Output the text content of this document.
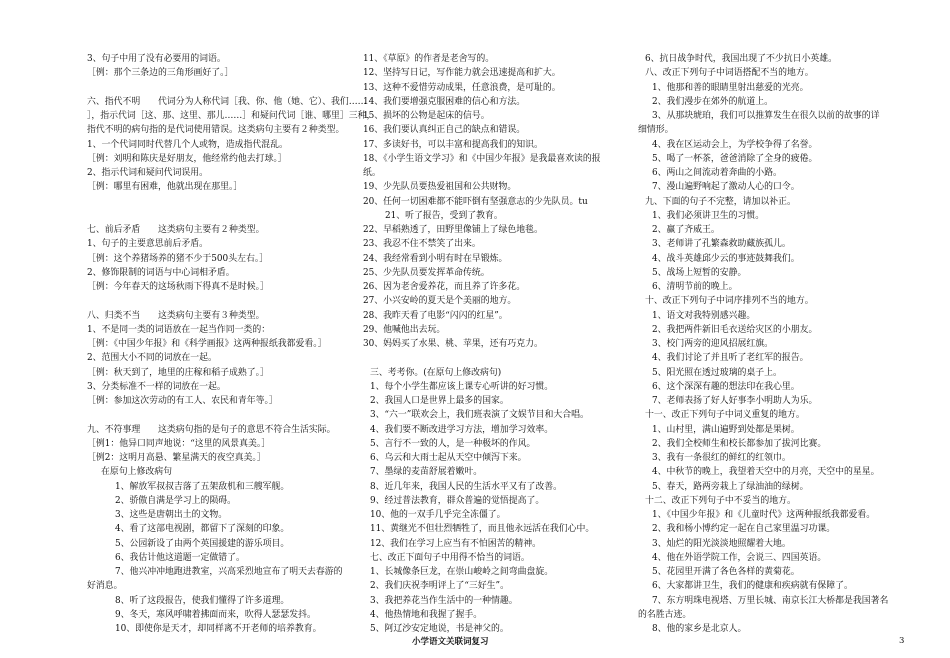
3、句子中用了没有必要用的词语。
［例：那个三条边的三角形画好了。］
六、指代不明　　代词分为人称代词［我、你、他（她、它）、我们……
］，指示代词［这、那、这里、那儿……］和疑问代词［谁、哪里］三种，
指代不明的病句指的是代词使用错误。这类病句主要有２种类型。
1、一个代词同时代替几个人或物，造成指代混乱。
［例：刘明和陈庆是好朋友，他经常约他去打球。］
2、指示代词和疑问代词误用。
［例：哪里有困难，他就出现在那里。］
七、前后矛盾　　这类病句主要有２种类型。
1、句子的主要意思前后矛盾。
［例：这个养猪场养的猪不少于500头左右。］
2、修饰限制的词语与中心词相矛盾。
［例：今年春天的这场秋雨下得真不是时候。］
八、归类不当　　这类病句主要有３种类型。
1、不是同一类的词语放在一起当作同一类的：
［例：《中国少年报》和《科学画报》这两种报纸我都爱看。］
2、范围大小不同的词放在一起。
［例：秋天到了，地里的庄稼和稻子成熟了。］
3、分类标准不一样的词放在一起。
［例：参加这次劳动的有工人、农民和青年等。］
九、不符事理　　这类病句指的是句子的意思不符合生活实际。
［例1：他异口同声地说：“这里的风景真美。］
［例2：这明月高悬、繁星满天的夜空真美。］
在原句上修改病句
1、解放军叔叔吉落了五架敌机和三艘军舰。
2、骄傲自满是学习上的陨碍。
3、这些是唐朝出土的文物。
4、看了这部电视剧，都留下了深刻的印象。
5、公园新设了由两个英国援建的游乐项目。
6、我估计他这道题一定做错了。
7、他兴冲冲地跑进教室，兴高采烈地宣布了明天去春游的
好消息。
8、听了这段报告，使我们懂得了许多道理。
9、冬天，寒风呼啸着拂面而来，吹得人瑟瑟发抖。
10、即使你是天才，却同样离不开老师的培养教育。
11、《草原》的作者是老舍写的。
12、坚持写日记，写作能力就会迅速提高和扩大。
13、这种不爱惜劳动成果，任意浪费，是可耻的。
14、我们要增强克服困难的信心和方法。
15、损坏的公物是起床的信号。
16、我们要认真纠正自己的缺点和错误。
17、多读好书，可以丰富和提高我们的知识。
18、《小学生语文学习》和《中国少年报》是我最喜欢读的报
纸。
19、少先队员要热爱祖国和公共财物。
20、任何一切困难都不能吓倒有坚强意志的少先队员。tu
21、听了报告，受到了教育。
22、早稻熟透了，田野里像铺上了绿色地毯。
23、我忍不住不禁笑了出来。
24、我经常看到小明有时在早锻炼。
25、少先队员要发挥革命传统。
26、因为老舍爱养花，而且养了许多花。
27、小兴安岭的夏天是个美丽的地方。
28、我昨天看了电影“闪闪的红星”。
29、他喊他出去玩。
30、妈妈买了水果、桃、苹果，还有巧克力。
三、考考你。(在原句上修改病句)
1、每个小学生都应该上课专心听讲的好习惯。
2、我国人口是世界上最多的国家。
3、“六一”联欢会上，我们班表演了文娱节目和大合唱。
4、我们要不断改进学习方法，增加学习效率。
5、言行不一致的人，是一种极坏的作风。
6、乌云和大雨士起从天空中倾泻下来。
7、墨绿的麦苗舒展着嫩叶。
8、近几年来，我国人民的生活水平又有了改善。
9、经过普法教育，群众普遍的觉悟提高了。
10、他的一双手几乎完全冻僵了。
11、黄继光不但壮烈牺牲了，而且他永远活在我们心中。
12、我们在学习上应当有不怕困苦的精神。
七、改正下面句子中用得不恰当的词语。
1、长城像条巨龙，在崇山峻岭之间弯曲盘旋。
2、我们庆祝李明评上了“三好生”。
3、我把养花当作生活中的一种情趣。
4、他热情地和我握了握手。
5、阿辽沙安定地说，书是神父的。
6、抗日战争时代，我国出现了不少抗日小英雄。
八、改正下列句子中词语搭配不当的地方。
1、他那和善的眼睛里射出慈爱的光亮。
2、我们漫步在郊外的航道上。
3、从那块琥珀，我们可以推算发生在很久以前的故事的详
细情形。
4、我在区运动会上，为学校争得了名誉。
5、喝了一杯茶，爸爸消除了全身的疲倦。
6、两山之间流动着奔曲的小路。
7、漫山遍野响起了激动人心的口令。
九、下面的句子不完整，请加以补正。
1、我们必须讲卫生的习惯。
2、赢了齐威王。
3、老师讲了孔繁森救助藏族孤儿。
4、战斗英雄邱少云的事迹鼓舞我们。
5、战场上短暂的安静。
6、清明节前的晚上。
十、改正下列句子中词序排列不当的地方。
1、语文对我特别感兴趣。
2、我把两件新旧毛衣送给灾区的小朋友。
3、校门两旁的迎风招展红旗。
4、我们讨论了并且听了老红军的报告。
5、阳光照在透过玻璃的桌子上。
6、这个深深有趣的想法印在我心里。
7、老师表扬了好人好事李小明助人为乐。
十一、改正下列句子中词义重复的地方。
1、山村里，满山遍野到处都是果树。
2、我们全校师生和校长都参加了拔河比赛。
3、我有一条很红的鲜红的红领巾。
4、中秋节的晚上，我望着天空中的月亮，天空中的星星。
5、春天，路两旁栽上了绿油油的绿树。
十二、改正下列句子中不妥当的地方。
1、《中国少年报》和《儿童时代》这两种报纸我都爱看。
2、我和杨小博约定一起在自己家里温习功课。
3、灿烂的阳光淡淡地照耀着大地。
4、他在外语学院工作，会说三、四国英语。
5、花园里开满了各色各样的黄菊花。
6、大家都讲卫生，我们的健康和疾病就有保障了。
7、东方明珠电视塔、万里长城、南京长江大桥都是我国著名
的名胜古迹。
8、他的家乡是北京人。
小学语文关联词复习	3
